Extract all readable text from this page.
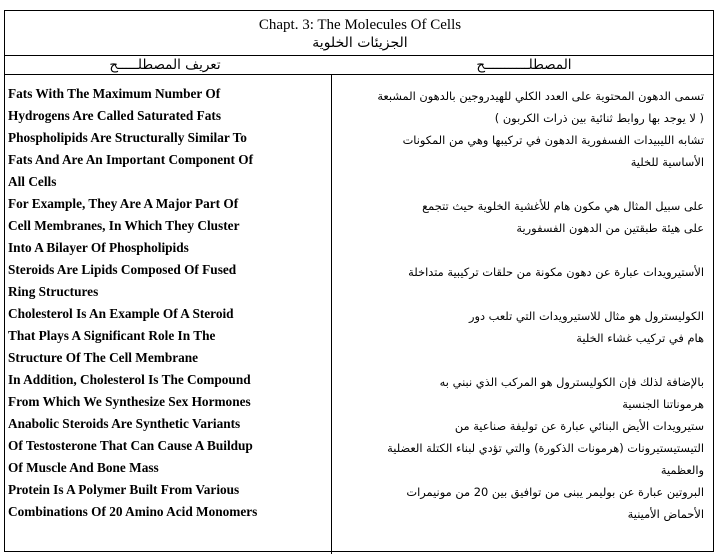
Chapt. 3: The Molecules Of Cells
الجزيئات الخلوية
تعريف المصطلـــــح	المصطلـــــــــــح
Fats With The Maximum Number Of
Hydrogens Are Called Saturated Fats
تسمى الدهون المحتوية على العدد الكلي للهيدروجين بالدهون المشبعة
( لا يوجد بها روابط ثنائية بين ذرات الكربون )
Phospholipids Are Structurally Similar To
Fats And Are An Important Component Of
All Cells
تشابه الليبيدات الفسفورية الدهون في تركيبها وهي من المكونات
الأساسية للخلية
For Example, They Are A Major Part Of
Cell Membranes, In Which They Cluster
Into A Bilayer Of Phospholipids
على سبيل المثال هي مكون هام للأغشية الخلوية حيث تتجمع
على هيئة طبقتين من الدهون الفسفورية
Steroids Are Lipids Composed Of Fused
Ring Structures
الأستيرويدات عبارة عن دهون مكونة من حلقات تركيبية متداخلة
Cholesterol Is An Example Of A Steroid
That Plays A Significant Role In The
Structure Of The Cell Membrane
الكوليسترول هو مثال للاستيرويدات التي تلعب دور
هام في تركيب غشاء الخلية
In Addition, Cholesterol Is The Compound
From Which We Synthesize Sex Hormones
بالإضافة لذلك فإن الكوليسترول هو المركب الذي نبني به
هرموناتنا الجنسية
Anabolic Steroids Are Synthetic Variants
Of Testosterone That Can Cause A Buildup
Of Muscle And Bone Mass
ستيرويدات الأيض البنائي عبارة عن توليفة صناعية من
التيستيستيرونات (هرمونات الذكورة) والتي تؤدي لبناء الكتلة العضلية
والعظمية
Protein Is A Polymer Built From Various
Combinations Of 20 Amino Acid Monomers
البروتين عبارة عن بوليمر يبنى من توافيق بين 20 من مونيمرات
الأحماض الأمينية
